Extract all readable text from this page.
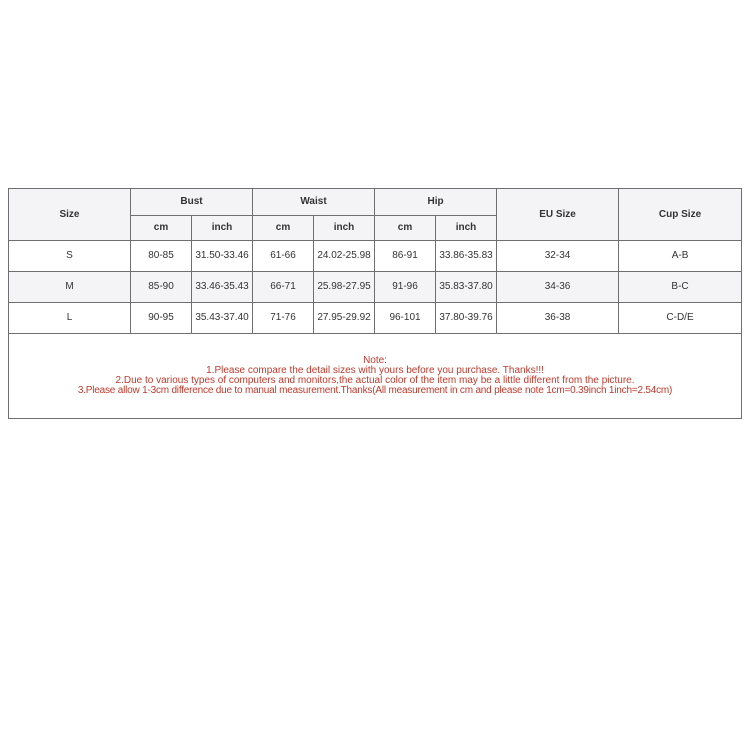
Size	Bust		Waist		Hip		EU Size	Cup Size
	cm	inch	cm	inch	cm	inch		
S	80-85	31.50-33.46	61-66	24.02-25.98	86-91	33.86-35.83	32-34	A-B
M	85-90	33.46-35.43	66-71	25.98-27.95	91-96	35.83-37.80	34-36	B-C
L	90-95	35.43-37.40	71-76	27.95-29.92	96-101	37.80-39.76	36-38	C-D/E

Note:
1.Please compare the detail sizes with yours before you purchase. Thanks!!!
2.Due to various types of computers and monitors,the actual color of the item may be a little different from the picture.
3.Please allow 1-3cm difference due to manual measurement.Thanks(All measurement in cm and please note 1cm=0.39inch 1inch=2.54cm)								
